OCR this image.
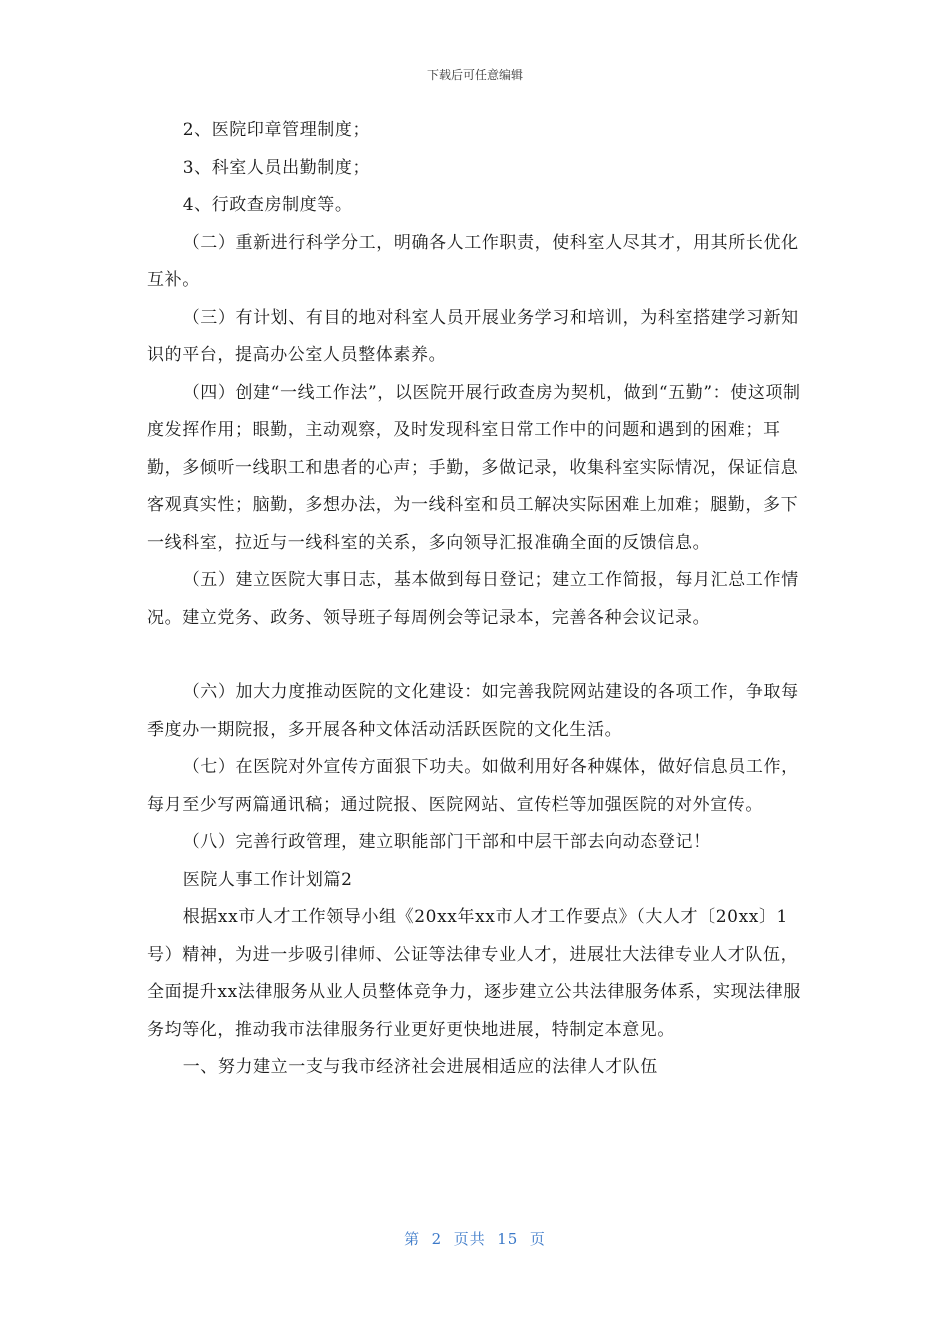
下载后可任意编辑

2、医院印章管理制度；

3、科室人员出勤制度；

4、行政查房制度等。

（二）重新进行科学分工，明确各人工作职责，使科室人尽其才，用其所长优化互补。

（三）有计划、有目的地对科室人员开展业务学习和培训，为科室搭建学习新知识的平台，提高办公室人员整体素养。

（四）创建“一线工作法”，以医院开展行政查房为契机，做到“五勤”：使这项制度发挥作用；眼勤，主动观察，及时发现科室日常工作中的问题和遇到的困难；耳勤，多倾听一线职工和患者的心声；手勤，多做记录，收集科室实际情况，保证信息客观真实性；脑勤，多想办法，为一线科室和员工解决实际困难上加难；腿勤，多下一线科室，拉近与一线科室的关系，多向领导汇报准确全面的反馈信息。

（五）建立医院大事日志，基本做到每日登记；建立工作简报，每月汇总工作情况。建立党务、政务、领导班子每周例会等记录本，完善各种会议记录。

（六）加大力度推动医院的文化建设：如完善我院网站建设的各项工作，争取每季度办一期院报，多开展各种文体活动活跃医院的文化生活。

（七）在医院对外宣传方面狠下功夫。如做利用好各种媒体，做好信息员工作，每月至少写两篇通讯稿；通过院报、医院网站、宣传栏等加强医院的对外宣传。

（八）完善行政管理，建立职能部门干部和中层干部去向动态登记！

医院人事工作计划篇2

根据xx市人才工作领导小组《20xx年xx市人才工作要点》（大人才〔20xx〕1号）精神，为进一步吸引律师、公证等法律专业人才，进展壮大法律专业人才队伍，全面提升xx法律服务从业人员整体竞争力，逐步建立公共法律服务体系，实现法律服务均等化，推动我市法律服务行业更好更快地进展，特制定本意见。

一、努力建立一支与我市经济社会进展相适应的法律人才队伍

第  2  页共  15  页
